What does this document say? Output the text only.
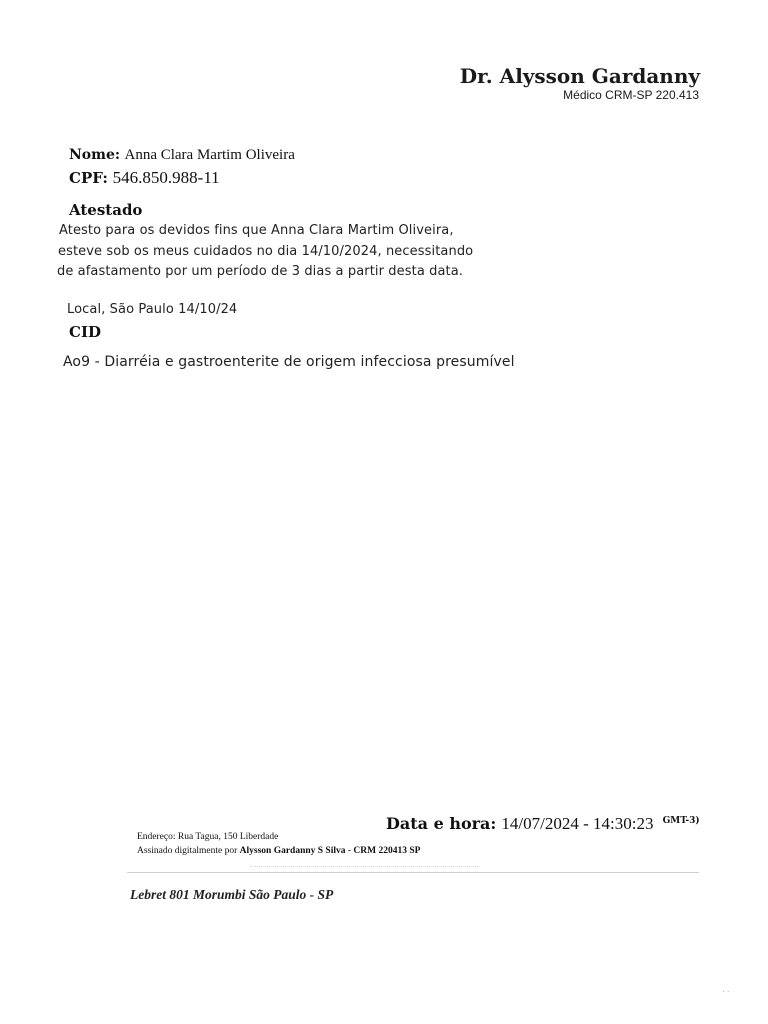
Dr. Alysson Gardanny
Médico CRM-SP 220.413
Nome: Anna Clara Martim Oliveira
CPF: 546.850.988-11
Atestado
Atesto para os devidos fins que Anna Clara Martim Oliveira,
esteve sob os meus cuidados no dia 14/10/2024, necessitando
de afastamento por um período de 3 dias a partir desta data.
Local, São Paulo 14/10/24
CID
Ao9 - Diarréia e gastroenterite de origem infecciosa presumível
Data e hora: 14/07/2024 - 14:30:23 $^{GMT-3)}$
Endereço: Rua Tagua, 150 Liberdade
Assinado digitalmente por Alysson Gardanny S Silva - CRM 220413 SP
Lebret 801 Morumbi São Paulo - SP
· ·
